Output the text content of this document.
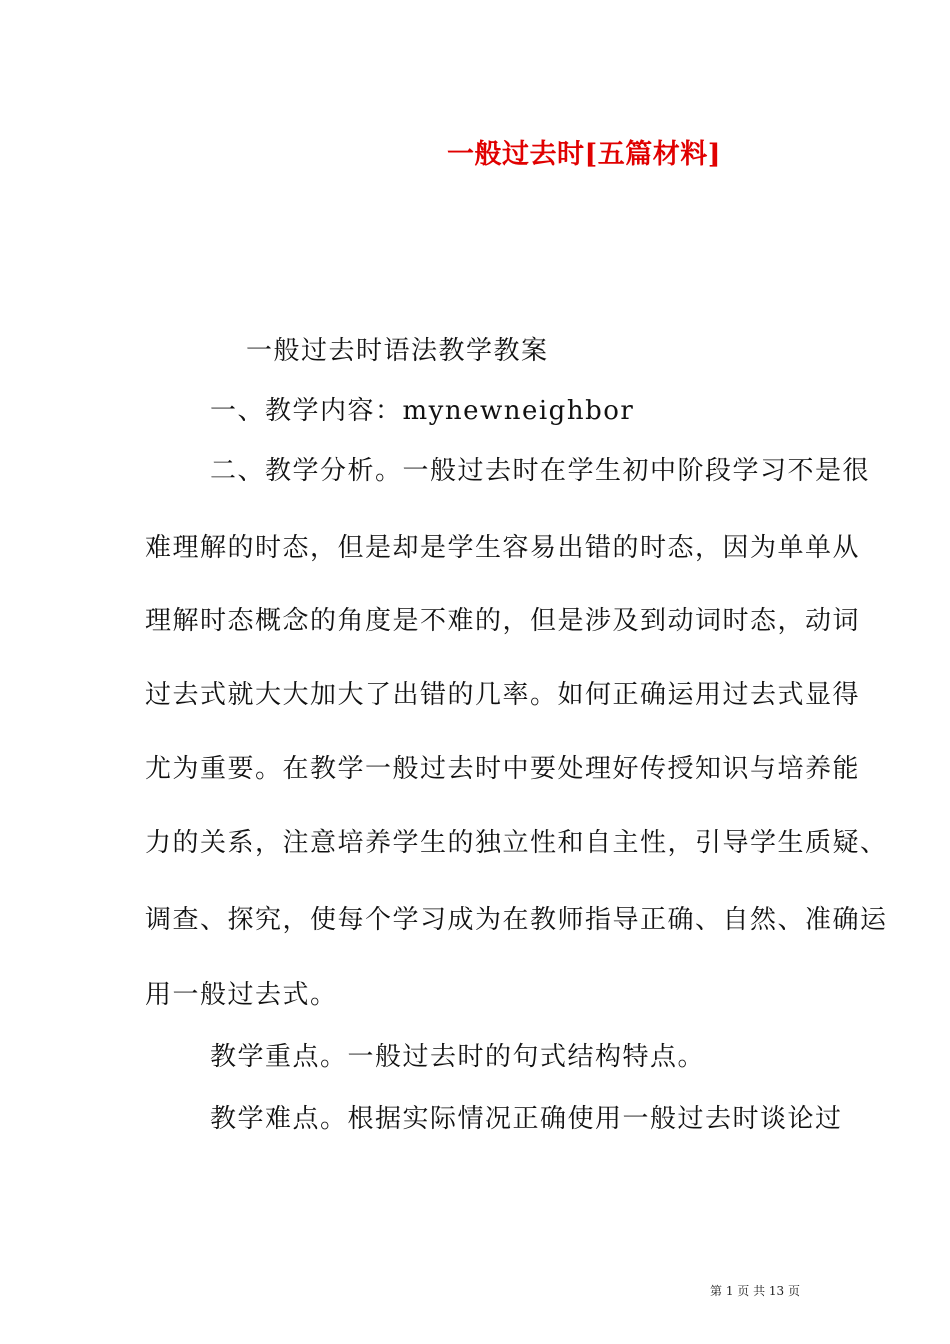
一般过去时[五篇材料]
一般过去时语法教学教案
一、教学内容：mynewneighbor
二、教学分析。一般过去时在学生初中阶段学习不是很
难理解的时态，但是却是学生容易出错的时态，因为单单从
理解时态概念的角度是不难的，但是涉及到动词时态，动词
过去式就大大加大了出错的几率。如何正确运用过去式显得
尤为重要。在教学一般过去时中要处理好传授知识与培养能
力的关系，注意培养学生的独立性和自主性，引导学生质疑、
调查、探究，使每个学习成为在教师指导正确、自然、准确运
用一般过去式。
教学重点。一般过去时的句式结构特点。
教学难点。根据实际情况正确使用一般过去时谈论过
第 1 页 共 13 页
